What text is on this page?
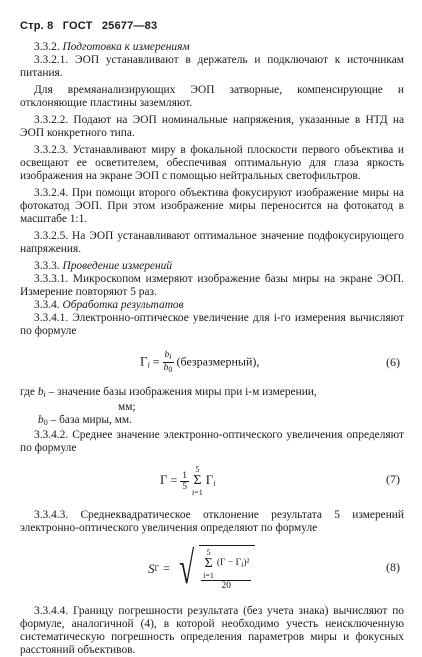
Стр. 8 ГОСТ 25677—83

3.3.2. Подготовка к измерениям

3.3.2.1. ЭОП устанавливают в держатель и подключают к источникам питания.

Для времяанализирующих ЭОП затворные, компенсирующие и отклоняющие пластины заземляют.

3.3.2.2. Подают на ЭОП номинальные напряжения, указанные в НТД на ЭОП конкретного типа.

3.3.2.3. Устанавливают миру в фокальной плоскости первого объектива и освещают ее осветителем, обеспечивая оптимальную для глаза яркость изображения на экране ЭОП с помощью нейтральных светофильтров.

3.3.2.4. При помощи второго объектива фокусируют изображение миры на фотокатод ЭОП. При этом изображение миры переносится на фотокатод в масштабе 1:1.

3.3.2.5. На ЭОП устанавливают оптимальное значение подфокусирующего напряжения.

3.3.3. Проведение измерений

3.3.3.1. Микроскопом измеряют изображение базы миры на экране ЭОП. Измерение повторяют 5 раз.

3.3.4. Обработка результатов

3.3.4.1. Электронно-оптическое увеличение для i-го измерения вычисляют по формуле

$\Gamma_i = \frac{b_i}{b_0}$ (безразмерный),	(6)
где $b_i$ – значение базы изображения миры при i-м измерении,
мм;
$b_0$ – база миры, мм.

3.3.4.2. Среднее значение электронно-оптического увеличения определяют по формуле

$\Gamma = \frac{1}{5}$

5
Σ
i=1
$\Gamma_i$	(7)

3.3.4.3. Среднеквадратическое отклонение результата 5 измерений электронно-оптического увеличения определяют по формуле

S Γ = √ 5
Σ
i=1
$(\Gamma - \Gamma_i)^2$
20
(8)

3.3.4.4. Границу погрешности результата (без учета знака) вычисляют по формуле, аналогичной (4), в которой необходимо учесть неисключенную систематическую погрешность определения параметров миры и фокусных расстояний объективов.
